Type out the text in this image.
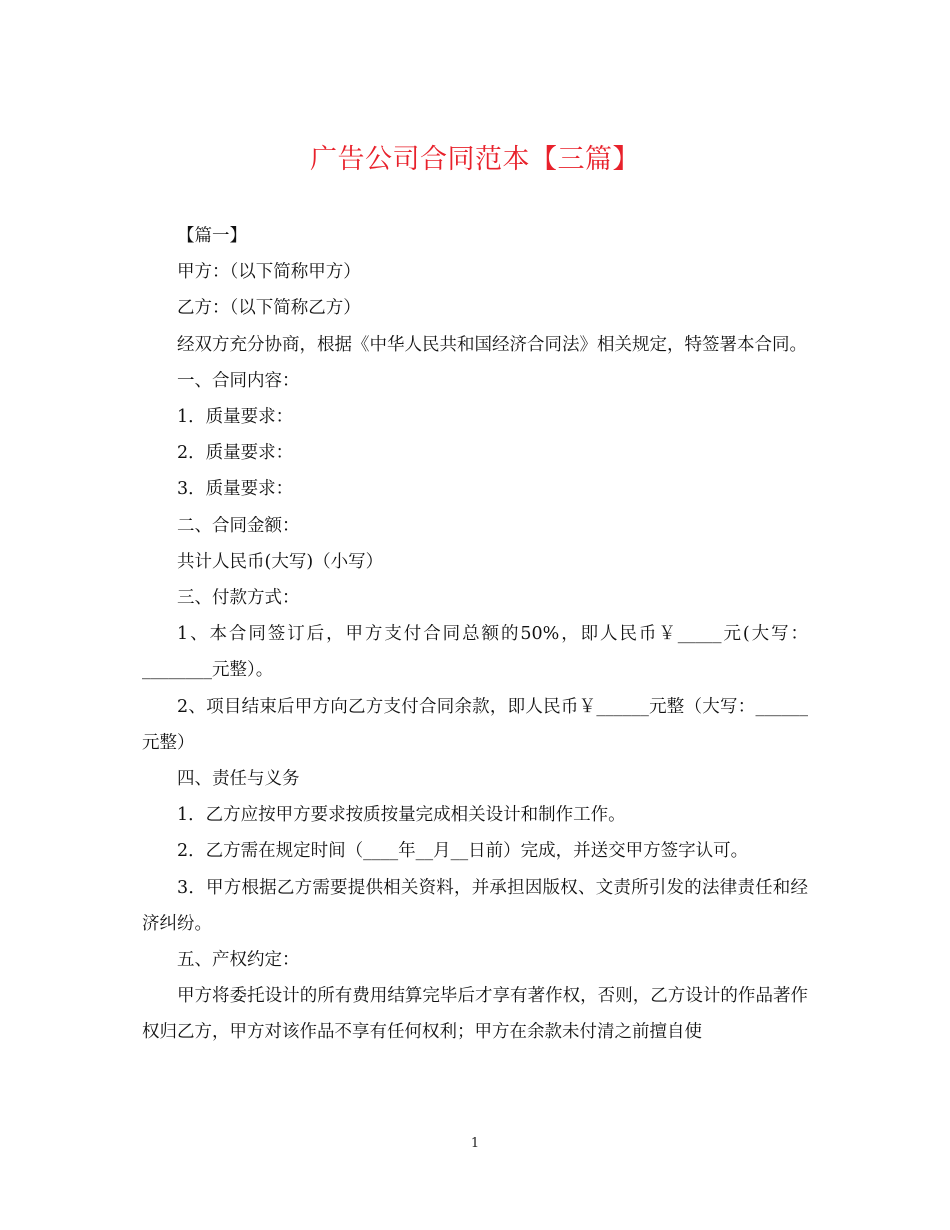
广告公司合同范本【三篇】

【篇一】

甲方：（以下简称甲方）

乙方：（以下简称乙方）

经双方充分协商，根据《中华人民共和国经济合同法》相关规定，特签署本合同。

一、合同内容：

1．质量要求：

2．质量要求：

3．质量要求：

二、合同金额：

共计人民币(大写)（小写）

三、付款方式：

1、本合同签订后，甲方支付合同总额的50%，即人民币￥_____元(大写：________元整）。

2、项目结束后甲方向乙方支付合同余款，即人民币￥______元整（大写：______元整）

四、责任与义务

1．乙方应按甲方要求按质按量完成相关设计和制作工作。

2．乙方需在规定时间（____年__月__日前）完成，并送交甲方签字认可。

3．甲方根据乙方需要提供相关资料，并承担因版权、文责所引发的法律责任和经济纠纷。

五、产权约定：

甲方将委托设计的所有费用结算完毕后才享有著作权，否则，乙方设计的作品著作权归乙方，甲方对该作品不享有任何权利；甲方在余款未付清之前擅自使

1
